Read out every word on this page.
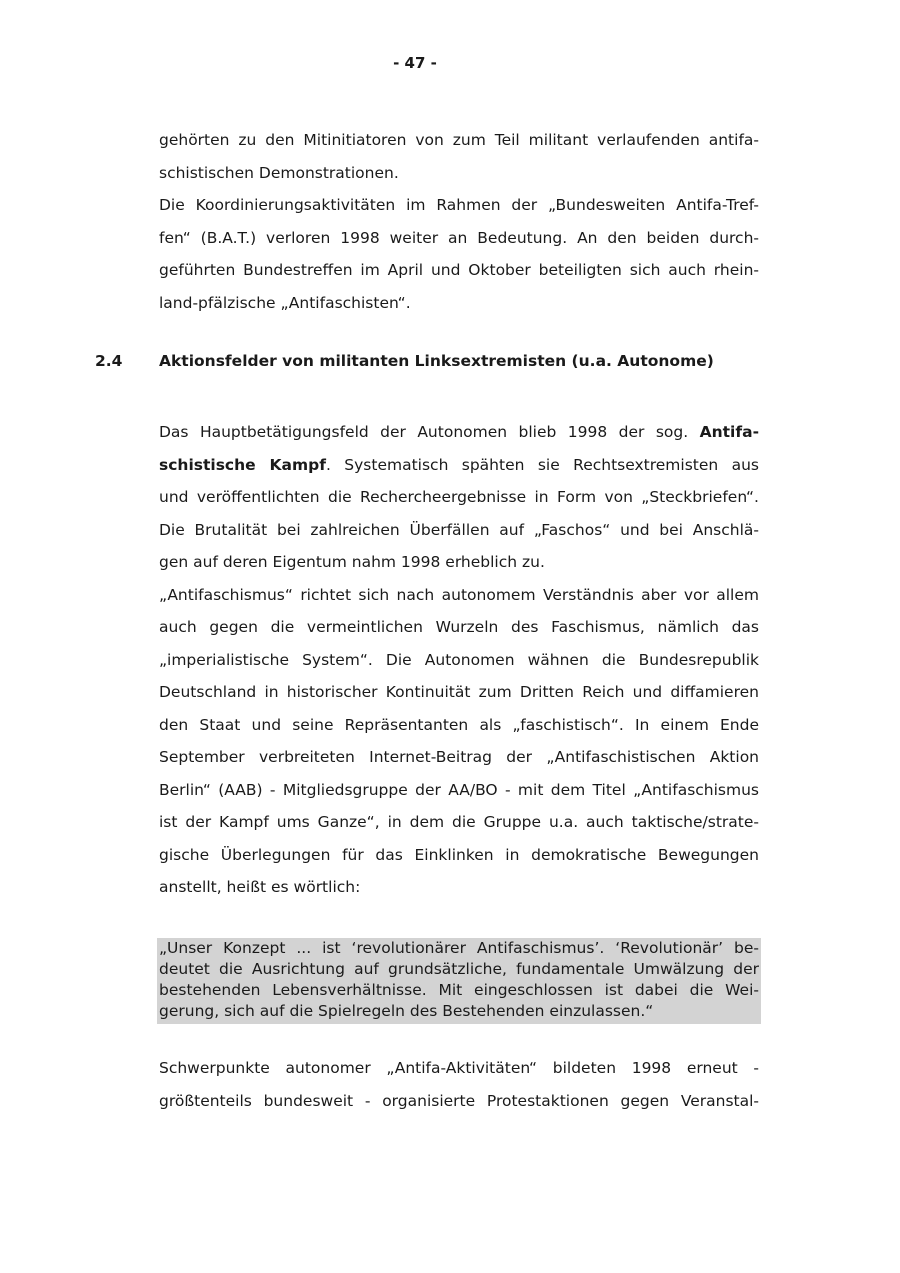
- 47 -
gehörten zu den Mitinitiatoren von zum Teil militant verlaufenden antifa-
schistischen Demonstrationen.
Die Koordinierungsaktivitäten im Rahmen der „Bundesweiten Antifa-Tref-
fen“ (B.A.T.) verloren 1998 weiter an Bedeutung. An den beiden durch-
geführten Bundestreffen im April und Oktober beteiligten sich auch rhein-
land-pfälzische „Antifaschisten“.
2.4 Aktionsfelder von militanten Linksextremisten (u.a. Autonome)
Das Hauptbetätigungsfeld der Autonomen blieb 1998 der sog. Antifa-
schistische Kampf. Systematisch spähten sie Rechtsextremisten aus
und veröffentlichten die Rechercheergebnisse in Form von „Steckbriefen“.
Die Brutalität bei zahlreichen Überfällen auf „Faschos“ und bei Anschlä-
gen auf deren Eigentum nahm 1998 erheblich zu.
„Antifaschismus“ richtet sich nach autonomem Verständnis aber vor allem
auch gegen die vermeintlichen Wurzeln des Faschismus, nämlich das
„imperialistische System“. Die Autonomen wähnen die Bundesrepublik
Deutschland in historischer Kontinuität zum Dritten Reich und diffamieren
den Staat und seine Repräsentanten als „faschistisch“. In einem Ende
September verbreiteten Internet-Beitrag der „Antifaschistischen Aktion
Berlin“ (AAB) - Mitgliedsgruppe der AA/BO - mit dem Titel „Antifaschismus
ist der Kampf ums Ganze“, in dem die Gruppe u.a. auch taktische/strate-
gische Überlegungen für das Einklinken in demokratische Bewegungen
anstellt, heißt es wörtlich:
„Unser Konzept ... ist ‘revolutionärer Antifaschismus’. ‘Revolutionär’ be-
deutet die Ausrichtung auf grundsätzliche, fundamentale Umwälzung der
bestehenden Lebensverhältnisse. Mit eingeschlossen ist dabei die Wei-
gerung, sich auf die Spielregeln des Bestehenden einzulassen.“
Schwerpunkte autonomer „Antifa-Aktivitäten“ bildeten 1998 erneut -
größtenteils bundesweit - organisierte Protestaktionen gegen Veranstal-
